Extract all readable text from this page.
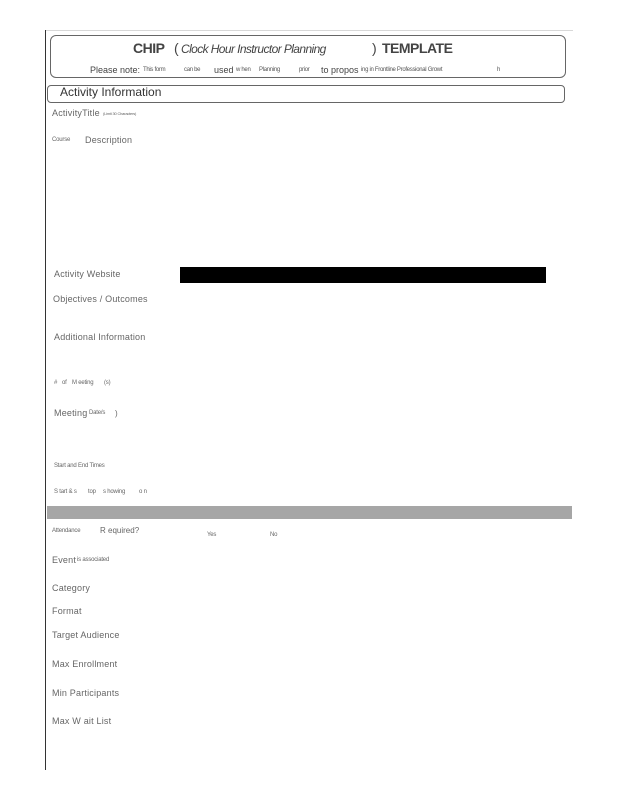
CHIP ( Clock Hour Instructor Planning	) TEMPLATE
Please note: This form	can be used w hen Planning	prior to propos ing in Frontline Professional Growt	h
Activity Information
ActivityTitle (Limit 30 Characters)
Course Description
Activity Website
Objectives / Outcomes
Additional Information
# of M eeting (s)
Meeting Date/s )
Start and End Times
S tart & s top s howing o n
Attendance R equired?	Yes	No
Event is associated
Category
Format
Target Audience
Max Enrollment
Min Participants
Max W ait List
